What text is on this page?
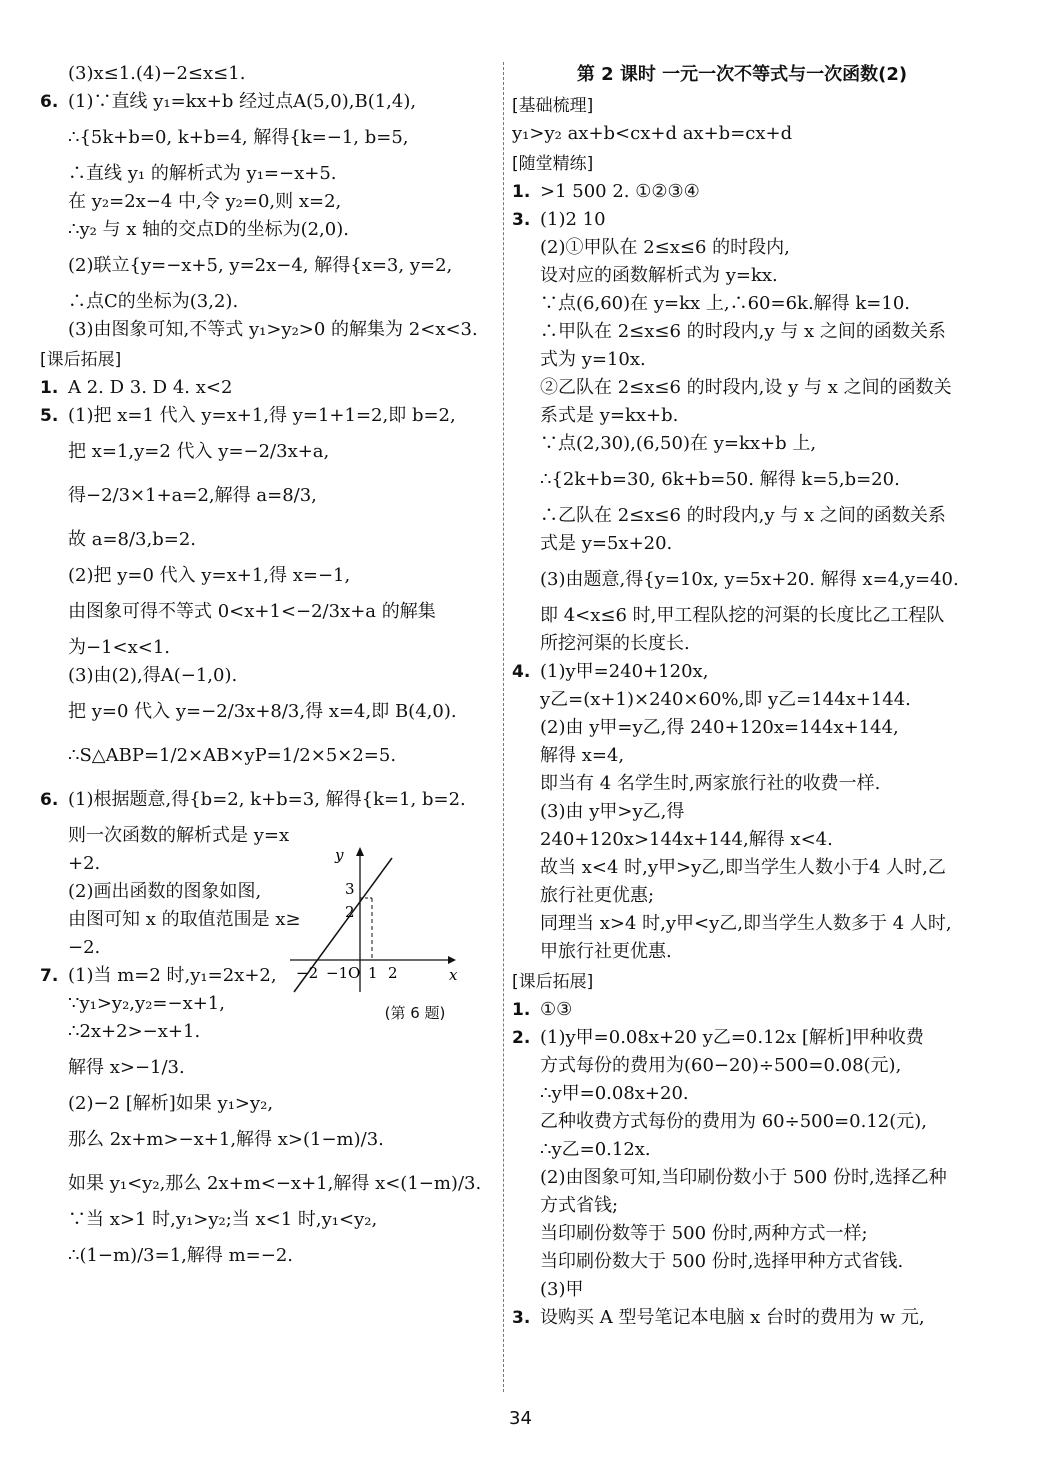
(3)x≤1.(4)−2≤x≤1.
6. (1)∵直线 y₁=kx+b 经过点A(5,0),B(1,4),
∴{5k+b=0, k+b=4, 解得{k=−1, b=5,
∴直线 y₁ 的解析式为 y₁=−x+5.
在 y₂=2x−4 中,令 y₂=0,则 x=2,
∴y₂ 与 x 轴的交点D的坐标为(2,0).
(2)联立{y=−x+5, y=2x−4, 解得{x=3, y=2,
∴点C的坐标为(3,2).
(3)由图象可知,不等式 y₁>y₂>0 的解集为 2<x<3.
[课后拓展]
1. A 2. D 3. D 4. x<2
5. (1)把 x=1 代入 y=x+1,得 y=1+1=2,即 b=2,
把 x=1,y=2 代入 y=−2/3x+a,
得−2/3×1+a=2,解得 a=8/3,
故 a=8/3,b=2.
(2)把 y=0 代入 y=x+1,得 x=−1,
由图象可得不等式 0<x+1<−2/3x+a 的解集
为−1<x<1.
(3)由(2),得A(−1,0).
把 y=0 代入 y=−2/3x+8/3,得 x=4,即 B(4,0).
∴S△ABP=1/2×AB×yP=1/2×5×2=5.
6. (1)根据题意,得{b=2, k+b=3, 解得{k=1, b=2.
则一次函数的解析式是 y=x
+2.
(2)画出函数的图象如图,
由图可知 x 的取值范围是 x≥
−2.
7. (1)当 m=2 时,y₁=2x+2,
∵y₁>y₂,y₂=−x+1,
∴2x+2>−x+1.
解得 x>−1/3.
(2)−2 [解析]如果 y₁>y₂,
那么 2x+m>−x+1,解得 x>(1−m)/3.
如果 y₁<y₂,那么 2x+m<−x+1,解得 x<(1−m)/3.
∵当 x>1 时,y₁>y₂;当 x<1 时,y₁<y₂,
∴(1−m)/3=1,解得 m=−2.
第 2 课时 一元一次不等式与一次函数(2)
[基础梳理]
y₁>y₂ ax+b<cx+d ax+b=cx+d
[随堂精练]
1. >1 500 2. ①②③④
3. (1)2 10
(2)①甲队在 2≤x≤6 的时段内,
设对应的函数解析式为 y=kx.
∵点(6,60)在 y=kx 上,∴60=6k.解得 k=10.
∴甲队在 2≤x≤6 的时段内,y 与 x 之间的函数关系
式为 y=10x.
②乙队在 2≤x≤6 的时段内,设 y 与 x 之间的函数关
系式是 y=kx+b.
∵点(2,30),(6,50)在 y=kx+b 上,
∴{2k+b=30, 6k+b=50. 解得 k=5,b=20.
∴乙队在 2≤x≤6 的时段内,y 与 x 之间的函数关系
式是 y=5x+20.
(3)由题意,得{y=10x, y=5x+20. 解得 x=4,y=40.
即 4<x≤6 时,甲工程队挖的河渠的长度比乙工程队
所挖河渠的长度长.
4. (1)y甲=240+120x,
y乙=(x+1)×240×60%,即 y乙=144x+144.
(2)由 y甲=y乙,得 240+120x=144x+144,
解得 x=4,
即当有 4 名学生时,两家旅行社的收费一样.
(3)由 y甲>y乙,得
240+120x>144x+144,解得 x<4.
故当 x<4 时,y甲>y乙,即当学生人数小于4 人时,乙
旅行社更优惠;
同理当 x>4 时,y甲<y乙,即当学生人数多于 4 人时,
甲旅行社更优惠.
[课后拓展]
1. ①③
2. (1)y甲=0.08x+20 y乙=0.12x [解析]甲种收费
方式每份的费用为(60−20)÷500=0.08(元),
∴y甲=0.08x+20.
乙种收费方式每份的费用为 60÷500=0.12(元),
∴y乙=0.12x.
(2)由图象可知,当印刷份数小于 500 份时,选择乙种
方式省钱;
当印刷份数等于 500 份时,两种方式一样;
当印刷份数大于 500 份时,选择甲种方式省钱.
(3)甲
3. 设购买 A 型号笔记本电脑 x 台时的费用为 w 元,
x
y
−2 −1 O 1 2
2
3
(第 6 题)
34
